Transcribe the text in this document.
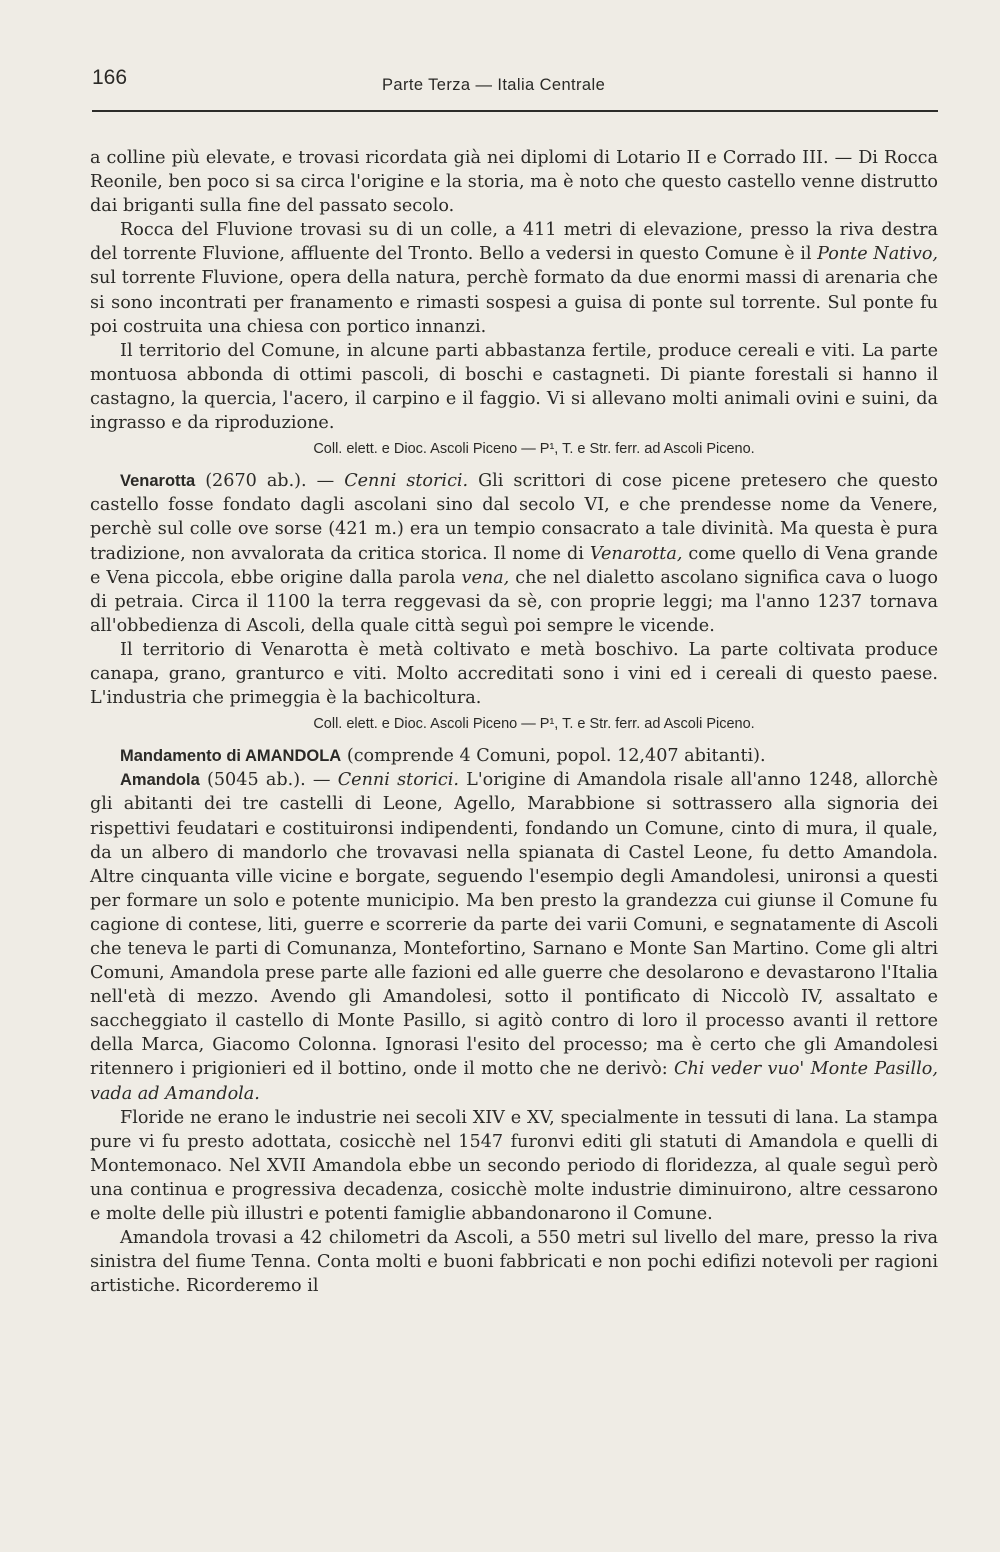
166	Parte Terza — Italia Centrale

a colline più elevate, e trovasi ricordata già nei diplomi di Lotario II e Corrado III. — Di Rocca Reonile, ben poco si sa circa l'origine e la storia, ma è noto che questo castello venne distrutto dai briganti sulla fine del passato secolo.

Rocca del Fluvione trovasi su di un colle, a 411 metri di elevazione, presso la riva destra del torrente Fluvione, affluente del Tronto. Bello a vedersi in questo Comune è il Ponte Nativo, sul torrente Fluvione, opera della natura, perchè formato da due enormi massi di arenaria che si sono incontrati per franamento e rimasti sospesi a guisa di ponte sul torrente. Sul ponte fu poi costruita una chiesa con portico innanzi.

Il territorio del Comune, in alcune parti abbastanza fertile, produce cereali e viti. La parte montuosa abbonda di ottimi pascoli, di boschi e castagneti. Di piante forestali si hanno il castagno, la quercia, l'acero, il carpino e il faggio. Vi si allevano molti animali ovini e suini, da ingrasso e da riproduzione.

Coll. elett. e Dioc. Ascoli Piceno — P¹, T. e Str. ferr. ad Ascoli Piceno.

Venarotta (2670 ab.). — Cenni storici. Gli scrittori di cose picene pretesero che questo castello fosse fondato dagli ascolani sino dal secolo VI, e che prendesse nome da Venere, perchè sul colle ove sorse (421 m.) era un tempio consacrato a tale divinità. Ma questa è pura tradizione, non avvalorata da critica storica. Il nome di Venarotta, come quello di Vena grande e Vena piccola, ebbe origine dalla parola vena, che nel dialetto ascolano significa cava o luogo di petraia. Circa il 1100 la terra reggevasi da sè, con proprie leggi; ma l'anno 1237 tornava all'obbedienza di Ascoli, della quale città seguì poi sempre le vicende.

Il territorio di Venarotta è metà coltivato e metà boschivo. La parte coltivata produce canapa, grano, granturco e viti. Molto accreditati sono i vini ed i cereali di questo paese. L'industria che primeggia è la bachicoltura.

Coll. elett. e Dioc. Ascoli Piceno — P¹, T. e Str. ferr. ad Ascoli Piceno.

Mandamento di AMANDOLA (comprende 4 Comuni, popol. 12,407 abitanti).

Amandola (5045 ab.). — Cenni storici. L'origine di Amandola risale all'anno 1248, allorchè gli abitanti dei tre castelli di Leone, Agello, Marabbione si sottrassero alla signoria dei rispettivi feudatari e costituironsi indipendenti, fondando un Comune, cinto di mura, il quale, da un albero di mandorlo che trovavasi nella spianata di Castel Leone, fu detto Amandola. Altre cinquanta ville vicine e borgate, seguendo l'esempio degli Amandolesi, unironsi a questi per formare un solo e potente municipio. Ma ben presto la grandezza cui giunse il Comune fu cagione di contese, liti, guerre e scorrerie da parte dei varii Comuni, e segnatamente di Ascoli che teneva le parti di Comunanza, Montefortino, Sarnano e Monte San Martino. Come gli altri Comuni, Amandola prese parte alle fazioni ed alle guerre che desolarono e devastarono l'Italia nell'età di mezzo. Avendo gli Amandolesi, sotto il pontificato di Niccolò IV, assaltato e saccheggiato il castello di Monte Pasillo, si agitò contro di loro il processo avanti il rettore della Marca, Giacomo Colonna. Ignorasi l'esito del processo; ma è certo che gli Amandolesi ritennero i prigionieri ed il bottino, onde il motto che ne derivò: Chi veder vuo' Monte Pasillo, vada ad Amandola.

Floride ne erano le industrie nei secoli XIV e XV, specialmente in tessuti di lana. La stampa pure vi fu presto adottata, cosicchè nel 1547 furonvi editi gli statuti di Amandola e quelli di Montemonaco. Nel XVII Amandola ebbe un secondo periodo di floridezza, al quale seguì però una continua e progressiva decadenza, cosicchè molte industrie diminuirono, altre cessarono e molte delle più illustri e potenti famiglie abbandonarono il Comune.

Amandola trovasi a 42 chilometri da Ascoli, a 550 metri sul livello del mare, presso la riva sinistra del fiume Tenna. Conta molti e buoni fabbricati e non pochi edifizi notevoli per ragioni artistiche. Ricorderemo il
